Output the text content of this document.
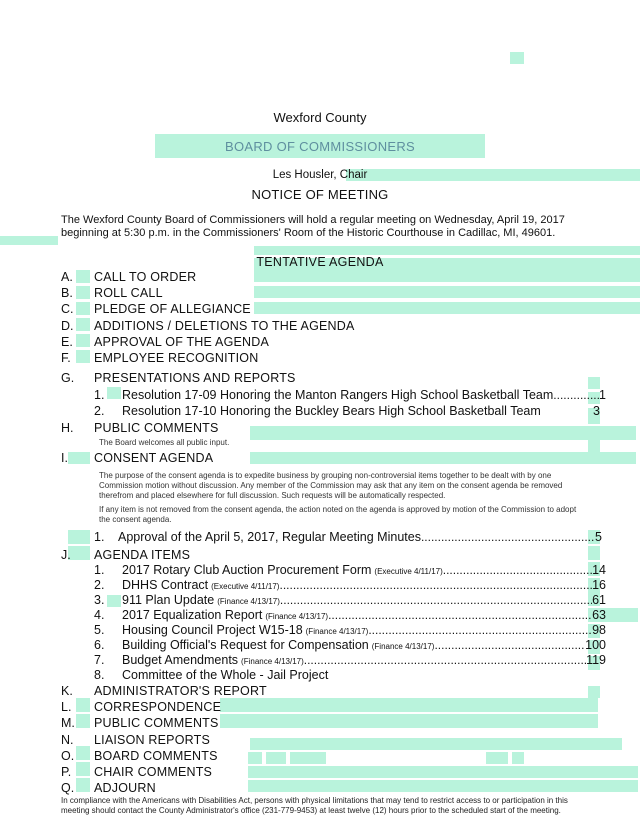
Wexford County
BOARD OF COMMISSIONERS
Les Housler, Chair
NOTICE OF MEETING
The Wexford County Board of Commissioners will hold a regular meeting on Wednesday, April 19, 2017 beginning at 5:30 p.m. in the Commissioners' Room of the Historic Courthouse in Cadillac, MI, 49601.
TENTATIVE AGENDA
A. CALL TO ORDER
B. ROLL CALL
C. PLEDGE OF ALLEGIANCE
D. ADDITIONS / DELETIONS TO THE AGENDA
E. APPROVAL OF THE AGENDA
F. EMPLOYEE RECOGNITION
G. PRESENTATIONS AND REPORTS
1. Resolution 17-09 Honoring the Manton Rangers High School Basketball Team .....	1
2. Resolution 17-10 Honoring the Buckley Bears High School Basketball Team	3
H. PUBLIC COMMENTS
The Board welcomes all public input.
I. CONSENT AGENDA
The purpose of the consent agenda is to expedite business by grouping non-controversial items together to be dealt with by one Commission motion without discussion. Any member of the Commission may ask that any item on the consent agenda be removed therefrom and placed elsewhere for full discussion. Such requests will be automatically respected.
If any item is not removed from the consent agenda, the action noted on the agenda is approved by motion of the Commission to adopt the consent agenda.
1. Approval of the April 5, 2017, Regular Meeting Minutes .....	5
J. AGENDA ITEMS
1. 2017 Rotary Club Auction Procurement Form (Executive 4/11/17) .....	14
2. DHHS Contract (Executive 4/11/17) .....	16
3. 911 Plan Update (Finance 4/13/17) .....	61
4. 2017 Equalization Report (Finance 4/13/17) .....	63
5. Housing Council Project W15-18 (Finance 4/13/17) .....	98
6. Building Official's Request for Compensation (Finance 4/13/17) .....	100
7. Budget Amendments (Finance 4/13/17) .....	119
8. Committee of the Whole - Jail Project
K. ADMINISTRATOR'S REPORT
L. CORRESPONDENCE
M. PUBLIC COMMENTS
N. LIAISON REPORTS
O. BOARD COMMENTS
P. CHAIR COMMENTS
Q. ADJOURN
In compliance with the Americans with Disabilities Act, persons with physical limitations that may tend to restrict access to or participation in this meeting should contact the County Administrator's office (231-779-9453) at least twelve (12) hours prior to the scheduled start of the meeting.
